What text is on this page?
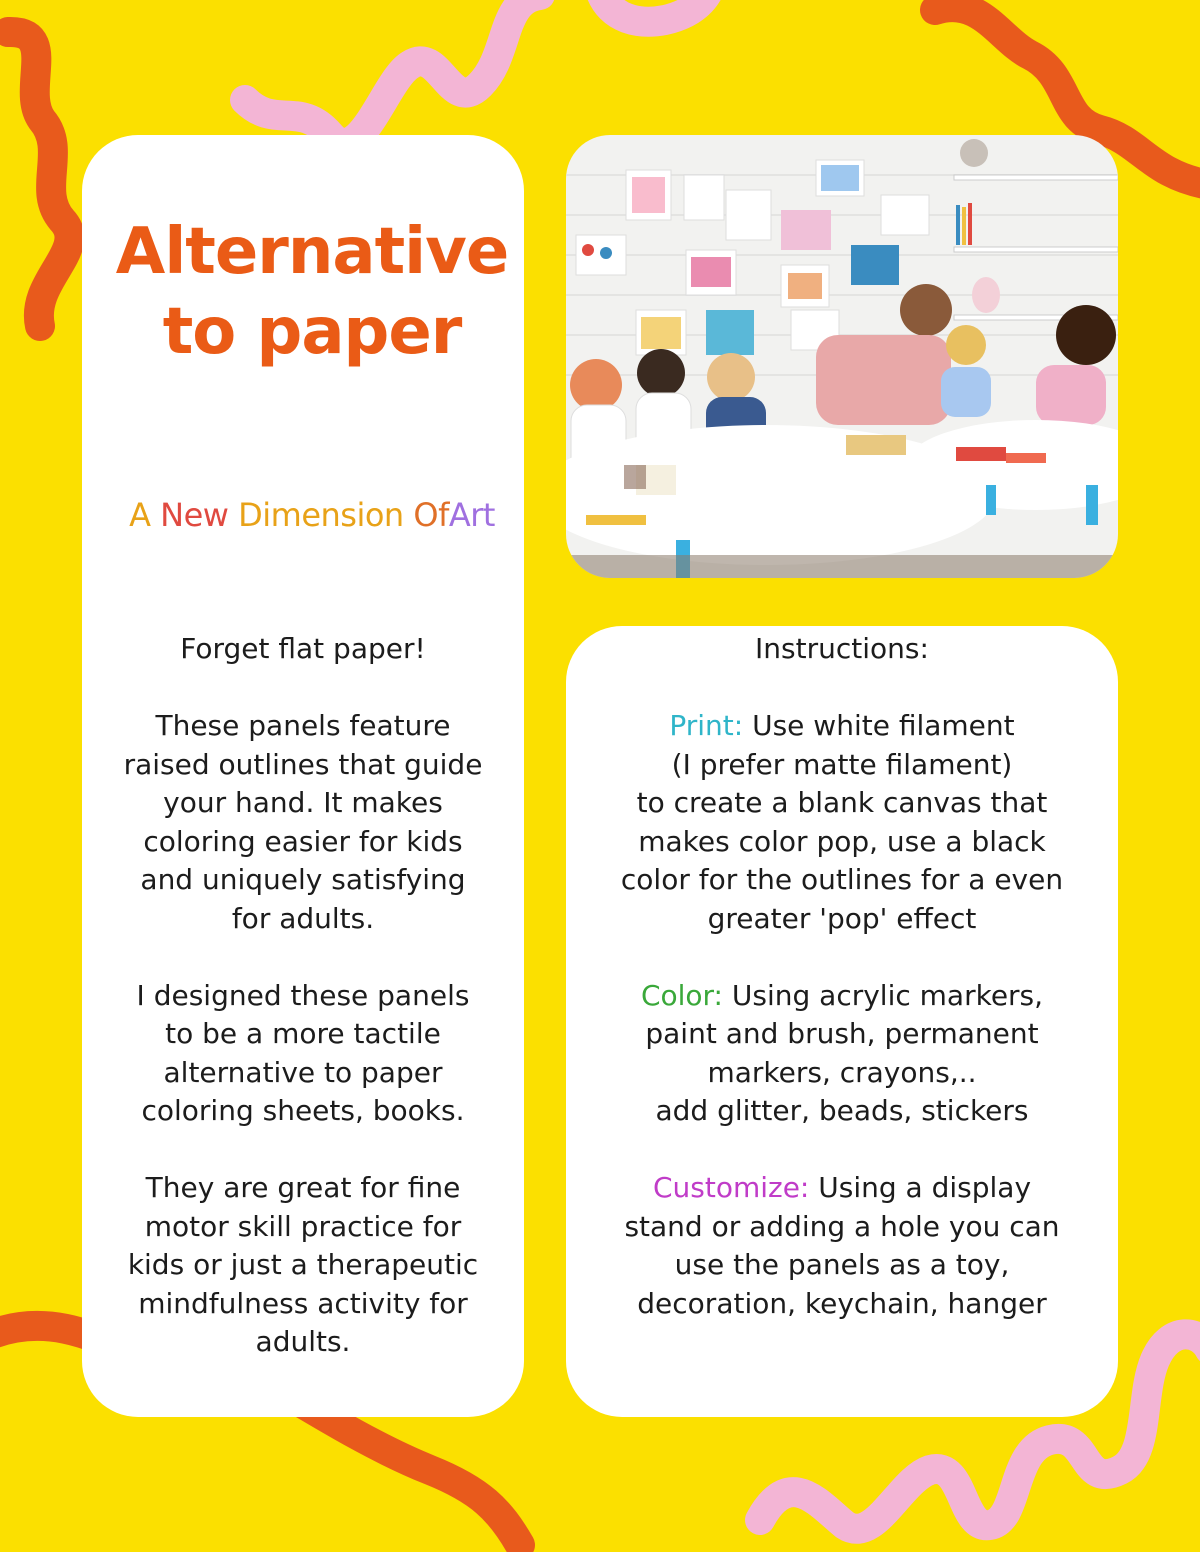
Alternative
to paper
A New Dimension OfArt
Forget flat paper!
These panels feature
raised outlines that guide
your hand. It makes
coloring easier for kids
and uniquely satisfying
for adults.
I designed these panels
to be a more tactile
alternative to paper
coloring sheets, books.
They are great for fine
motor skill practice for
kids or just a therapeutic
mindfulness activity for
adults.
Instructions:
Print: Use white filament
(I prefer matte filament)
to create a blank canvas that
makes color pop, use a black
color for the outlines for a even
greater 'pop' effect
Color: Using acrylic markers,
paint and brush, permanent
markers, crayons,..
add glitter, beads, stickers
Customize: Using a display
stand or adding a hole you can
use the panels as a toy,
decoration, keychain, hanger
